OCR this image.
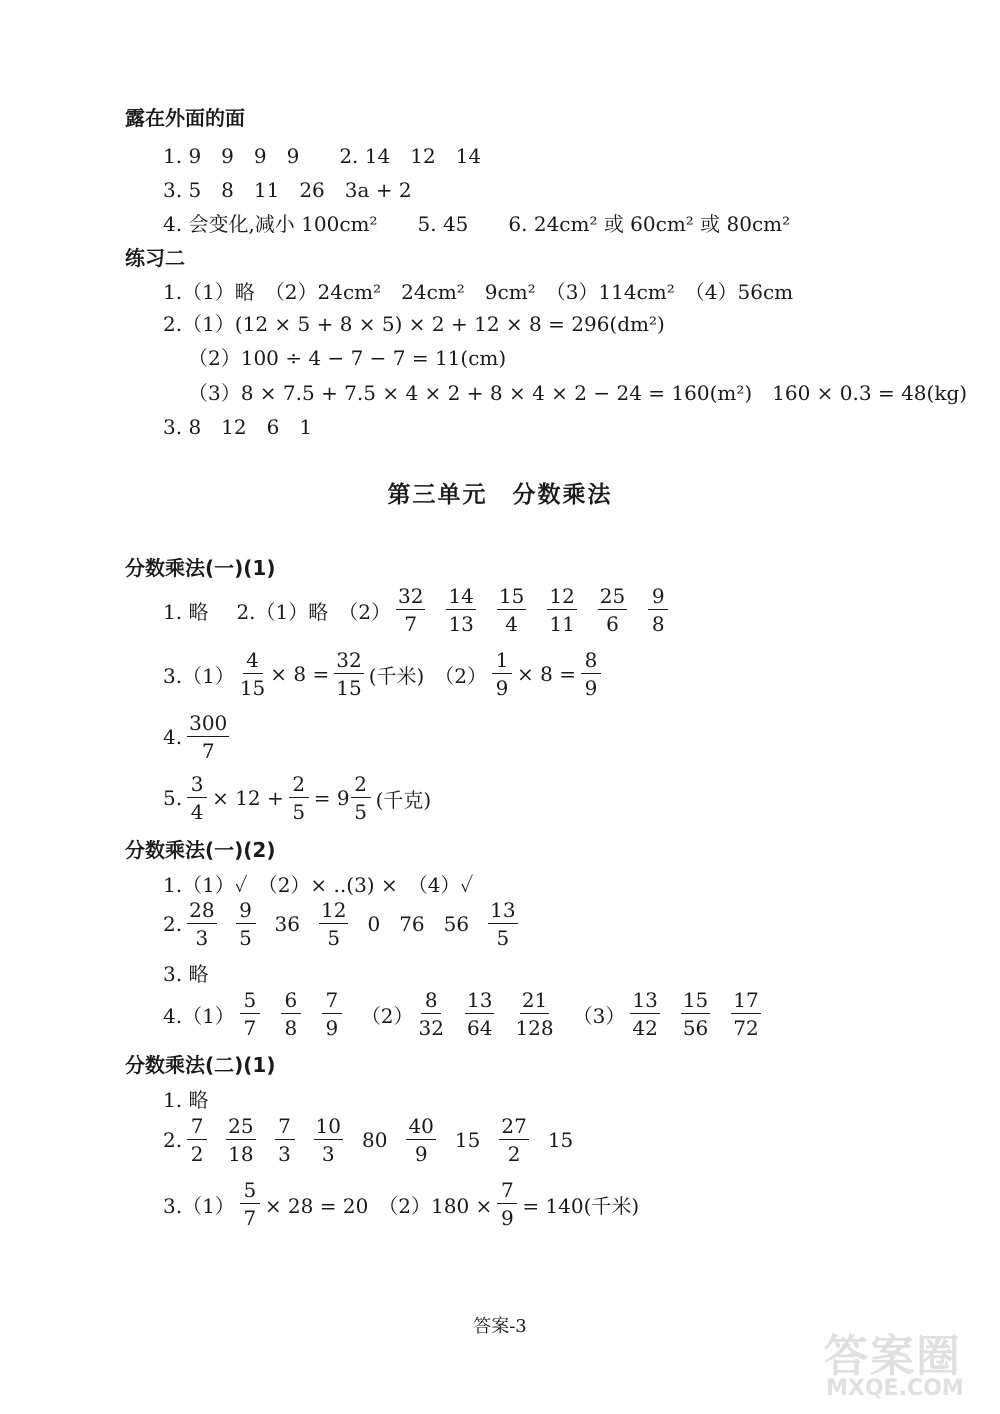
露在外面的面
1. 9　9　9　9　　2. 14　12　14
3. 5　8　11　26　3a + 2
4. 会变化,减小 100cm²　　5. 45　　6. 24cm² 或 60cm² 或 80cm²
练习二
1.（1）略　（2）24cm²　24cm²　9cm²　（3）114cm²　（4）56cm
2.（1）(12 × 5 + 8 × 5) × 2 + 12 × 8 = 296(dm²)
（2）100 ÷ 4 − 7 − 7 = 11(cm)
（3）8 × 7.5 + 7.5 × 4 × 2 + 8 × 4 × 2 − 24 = 160(m²)　160 × 0.3 = 48(kg)
3. 8　12　6　1
第三单元　分数乘法
分数乘法(一)(1)
1. 略 2.（1）略　$(2) \frac{32}{7} \frac{14}{13} \frac{15}{4} \frac{12}{11} \frac{25}{6} \frac{9}{8}$
$3.(1) \frac{4}{15} \times 8 = \frac{32}{15}$ (千米)　$(2) \frac{1}{9} \times 8 = \frac{8}{9}$
4. $\frac{300}{7}$
5. $\frac{3}{4} \times 12 + \frac{2}{5} = 9 \frac{2}{5}$ (千克)
分数乘法(一)(2)
1.（1）✓　（2）× ..(3) ×　（4）✓
2. $\frac{28}{3} \frac{9}{5} 36 \frac{12}{5} 0$ 76 $56 \frac{13}{5}$
3. 略
$4.(1) \frac{5}{7} \frac{6}{8} \frac{7}{9} (2) \frac{8}{32} \frac{13}{64} \frac{21}{128} (3) \frac{13}{42} \frac{15}{56} \frac{17}{72}$
分数乘法(二)(1)
1. 略
2. $\frac{7}{2} \frac{25}{18} \frac{7}{3} \frac{10}{3} 80 \frac{40}{9} 15 \frac{27}{2} 15$
$3.(1) \frac{5}{7} \times 28 = 20$　$(2)180 \times \frac{7}{9} = 140$(千米)
答案-3
答案圈
MXQE.COM
